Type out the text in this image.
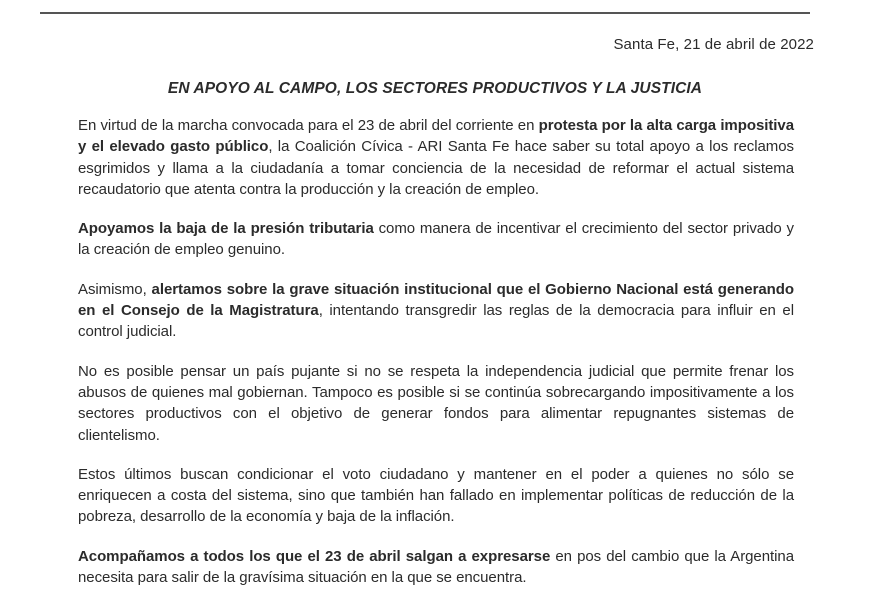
Santa Fe, 21 de abril de 2022
EN APOYO AL CAMPO, LOS SECTORES PRODUCTIVOS Y LA JUSTICIA

En virtud de la marcha convocada para el 23 de abril del corriente en protesta por la alta carga impositiva y el elevado gasto público, la Coalición Cívica - ARI Santa Fe hace saber su total apoyo a los reclamos esgrimidos y llama a la ciudadanía a tomar conciencia de la necesidad de reformar el actual sistema recaudatorio que atenta contra la producción y la creación de empleo.

Apoyamos la baja de la presión tributaria como manera de incentivar el crecimiento del sector privado y la creación de empleo genuino.

Asimismo, alertamos sobre la grave situación institucional que el Gobierno Nacional está generando en el Consejo de la Magistratura, intentando transgredir las reglas de la democracia para influir en el control judicial.

No es posible pensar un país pujante si no se respeta la independencia judicial que permite frenar los abusos de quienes mal gobiernan. Tampoco es posible si se continúa sobrecargando impositivamente a los sectores productivos con el objetivo de generar fondos para alimentar repugnantes sistemas de clientelismo.

Estos últimos buscan condicionar el voto ciudadano y mantener en el poder a quienes no sólo se enriquecen a costa del sistema, sino que también han fallado en implementar políticas de reducción de la pobreza, desarrollo de la economía y baja de la inflación.

Acompañamos a todos los que el 23 de abril salgan a expresarse en pos del cambio que la Argentina necesita para salir de la gravísima situación en la que se encuentra.
